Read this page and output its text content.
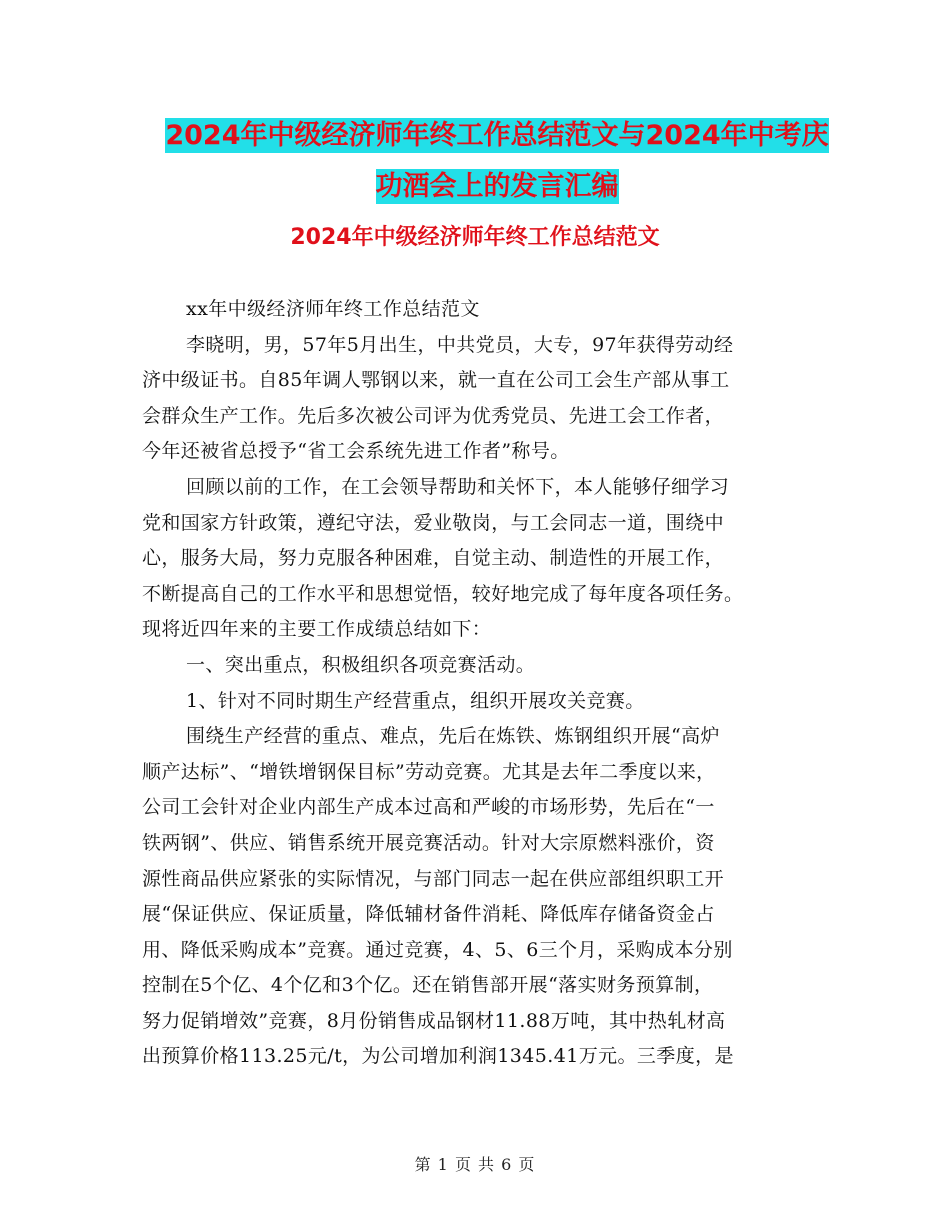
2024年中级经济师年终工作总结范文与2024年中考庆
功酒会上的发言汇编
2024年中级经济师年终工作总结范文
xx年中级经济师年终工作总结范文
李晓明，男，57年5月出生，中共党员，大专，97年获得劳动经
济中级证书。自85年调人鄂钢以来，就一直在公司工会生产部从事工
会群众生产工作。先后多次被公司评为优秀党员、先进工会工作者，
今年还被省总授予“省工会系统先进工作者”称号。
回顾以前的工作，在工会领导帮助和关怀下，本人能够仔细学习
党和国家方针政策，遵纪守法，爱业敬岗，与工会同志一道，围绕中
心，服务大局，努力克服各种困难，自觉主动、制造性的开展工作，
不断提高自己的工作水平和思想觉悟，较好地完成了每年度各项任务。
现将近四年来的主要工作成绩总结如下：
一、突出重点，积极组织各项竞赛活动。
1、针对不同时期生产经营重点，组织开展攻关竞赛。
围绕生产经营的重点、难点，先后在炼铁、炼钢组织开展“高炉
顺产达标”、“增铁增钢保目标”劳动竞赛。尤其是去年二季度以来，
公司工会针对企业内部生产成本过高和严峻的市场形势，先后在“一
铁两钢”、供应、销售系统开展竞赛活动。针对大宗原燃料涨价，资
源性商品供应紧张的实际情况，与部门同志一起在供应部组织职工开
展“保证供应、保证质量，降低辅材备件消耗、降低库存储备资金占
用、降低采购成本”竞赛。通过竞赛，4、5、6三个月，采购成本分别
控制在5个亿、4个亿和3个亿。还在销售部开展“落实财务预算制，
努力促销增效”竞赛，8月份销售成品钢材11.88万吨，其中热轧材高
出预算价格113.25元/t，为公司增加利润1345.41万元。三季度，是
第 1 页 共 6 页
